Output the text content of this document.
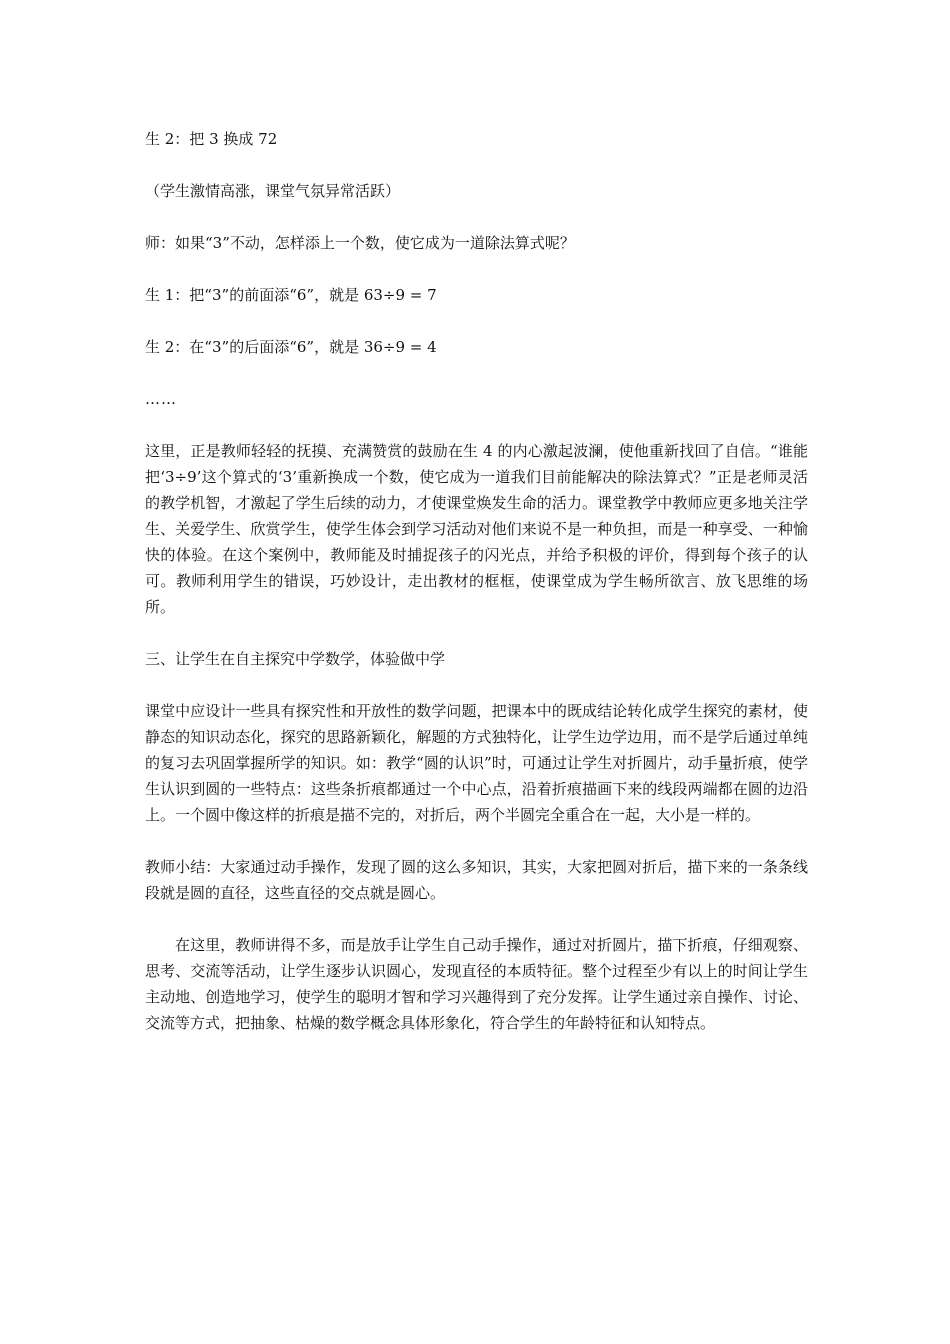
生 2：把 3 换成 72

（学生激情高涨，课堂气氛异常活跃）

师：如果“3”不动，怎样添上一个数，使它成为一道除法算式呢？

生 1：把“3”的前面添“6”，就是 63÷9 = 7

生 2：在“3”的后面添“6”，就是 36÷9 = 4

……

这里，正是教师轻轻的抚摸、充满赞赏的鼓励在生 4 的内心激起波澜，使他重新找回了自信。“谁能把‘3÷9’这个算式的‘3’重新换成一个数，使它成为一道我们目前能解决的除法算式？”正是老师灵活的教学机智，才激起了学生后续的动力，才使课堂焕发生命的活力。课堂教学中教师应更多地关注学生、关爱学生、欣赏学生，使学生体会到学习活动对他们来说不是一种负担，而是一种享受、一种愉快的体验。在这个案例中，教师能及时捕捉孩子的闪光点，并给予积极的评价，得到每个孩子的认可。教师利用学生的错误，巧妙设计，走出教材的框框，使课堂成为学生畅所欲言、放飞思维的场所。

三、让学生在自主探究中学数学，体验做中学

课堂中应设计一些具有探究性和开放性的数学问题，把课本中的既成结论转化成学生探究的素材，使静态的知识动态化，探究的思路新颖化，解题的方式独特化，让学生边学边用，而不是学后通过单纯的复习去巩固掌握所学的知识。如：教学“圆的认识”时，可通过让学生对折圆片，动手量折痕，使学生认识到圆的一些特点：这些条折痕都通过一个中心点，沿着折痕描画下来的线段两端都在圆的边沿上。一个圆中像这样的折痕是描不完的，对折后，两个半圆完全重合在一起，大小是一样的。

教师小结：大家通过动手操作，发现了圆的这么多知识，其实，大家把圆对折后，描下来的一条条线段就是圆的直径，这些直径的交点就是圆心。

在这里，教师讲得不多，而是放手让学生自己动手操作，通过对折圆片，描下折痕，仔细观察、思考、交流等活动，让学生逐步认识圆心，发现直径的本质特征。整个过程至少有以上的时间让学生主动地、创造地学习，使学生的聪明才智和学习兴趣得到了充分发挥。让学生通过亲自操作、讨论、交流等方式，把抽象、枯燥的数学概念具体形象化，符合学生的年龄特征和认知特点。
